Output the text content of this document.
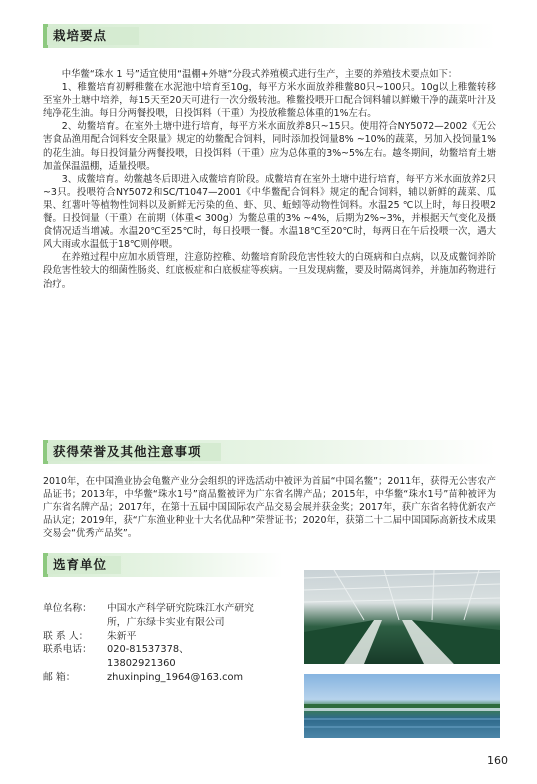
栽培要点

中华鳖“珠水 1 号”适宜使用“温棚+外塘”分段式养殖模式进行生产，主要的养殖技术要点如下：

1、稚鳖培育初孵稚鳖在水泥池中培育至10g，每平方米水面放养稚鳖80只~100只。10g以上稚鳖转移至室外土塘中培养，每15天至20天可进行一次分级转池。稚鳖投喂开口配合饲料辅以鲜嫩干净的蔬菜叶汁及纯净花生油。每日分两餐投喂，日投饵料（干重）为投放稚鳖总体重的1%左右。

2、幼鳖培育。在室外土塘中进行培育，每平方米水面放养8只~15只。使用符合NY5072—2002《无公害食品渔用配合饲料安全限量》规定的幼鳖配合饲料，同时添加投饲量8% ~10%的蔬菜，另加入投饲量1%的花生油。每日投饲量分两餐投喂，日投饵料（干重）应为总体重的3%~5%左右。越冬期间，幼鳖培育土塘加盖保温温棚，适量投喂。

3、成鳖培育。幼鳖越冬后即进入成鳖培育阶段。成鳖培育在室外土塘中进行培育，每平方米水面放养2只~3只。投喂符合NY5072和SC/T1047—2001《中华鳖配合饲料》规定的配合饲料，辅以新鲜的蔬菜、瓜果、红薯叶等植物性饲料以及新鲜无污染的鱼、虾、贝、蚯蚓等动物性饲料。水温25 ℃以上时，每日投喂2餐。日投饲量（干重）在前期（体重< 300g）为鳖总重的3% ~4%，后期为2%~3%，并根据天气变化及摄食情况适当增减。水温20℃至25℃时，每日投喂一餐。水温18℃至20℃时，每两日在午后投喂一次，遇大风大雨或水温低于18℃则停喂。

在养殖过程中应加水质管理，注意防控稚、幼鳖培育阶段危害性较大的白斑病和白点病，以及成鳖饲养阶段危害性较大的细菌性肠炎、红底板症和白底板症等疾病。一旦发现病鳖，要及时隔离饲养，并施加药物进行治疗。

获得荣誉及其他注意事项

2010年，在中国渔业协会龟鳖产业分会组织的评选活动中被评为首届“中国名鳖”；2011年，获得无公害农产品证书；2013年，中华鳖“珠水1号”商品鳖被评为广东省名牌产品；2015年，中华鳖“珠水1号”苗种被评为广东省名牌产品；2017年，在第十五届中国国际农产品交易会展并获金奖；2017年，获广东省名特优新农产品认定；2019年，获“广东渔业种业十大名优品种”荣誉证书；2020年，获第二十二届中国国际高新技术成果交易会“优秀产品奖”。

选育单位
单位名称：	中国水产科学研究院珠江水产研究所，广东绿卡实业有限公司
联 系 人：	朱新平
联系电话：	020-81537378、
13802921360
邮 箱：	zhuxinping_1964@163.com
160
